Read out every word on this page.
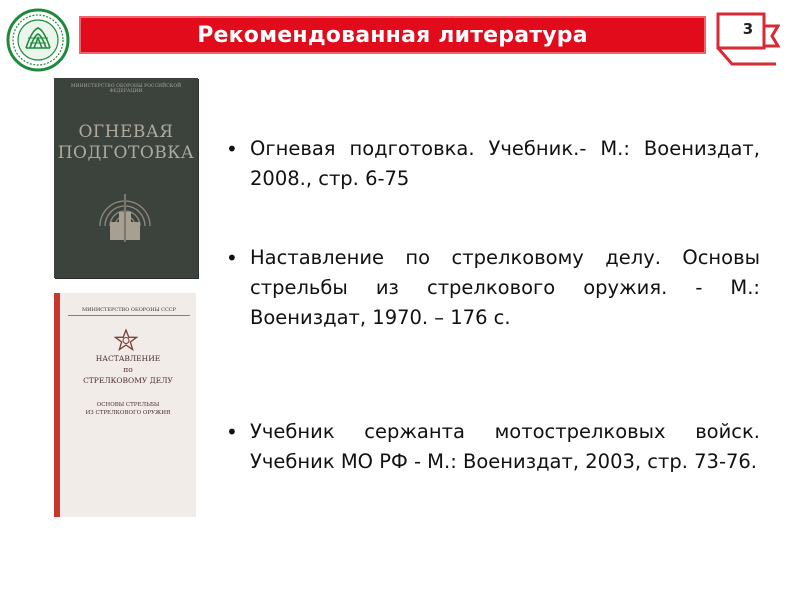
Рекомендованная литература	3
МИНИСТЕРСТВО ОБОРОНЫ РОССИЙСКОЙ ФЕДЕРАЦИИ
ОГНЕВАЯ
ПОДГОТОВКА
МИНИСТЕРСТВО ОБОРОНЫ СССР
НАСТАВЛЕНИЕ
по
СТРЕЛКОВОМУ ДЕЛУ
ОСНОВЫ СТРЕЛЬБЫ
ИЗ СТРЕЛКОВОГО ОРУЖИЯ
• Огневая подготовка. Учебник.- М.: Воениздат, 2008., стр. 6-75
• Наставление по стрелковому делу. Основы стрельбы из стрелкового оружия. - М.: Воениздат, 1970. – 176 с.
• Учебник сержанта мотострелковых войск. Учебник МО РФ - М.: Воениздат, 2003, стр. 73-76.
